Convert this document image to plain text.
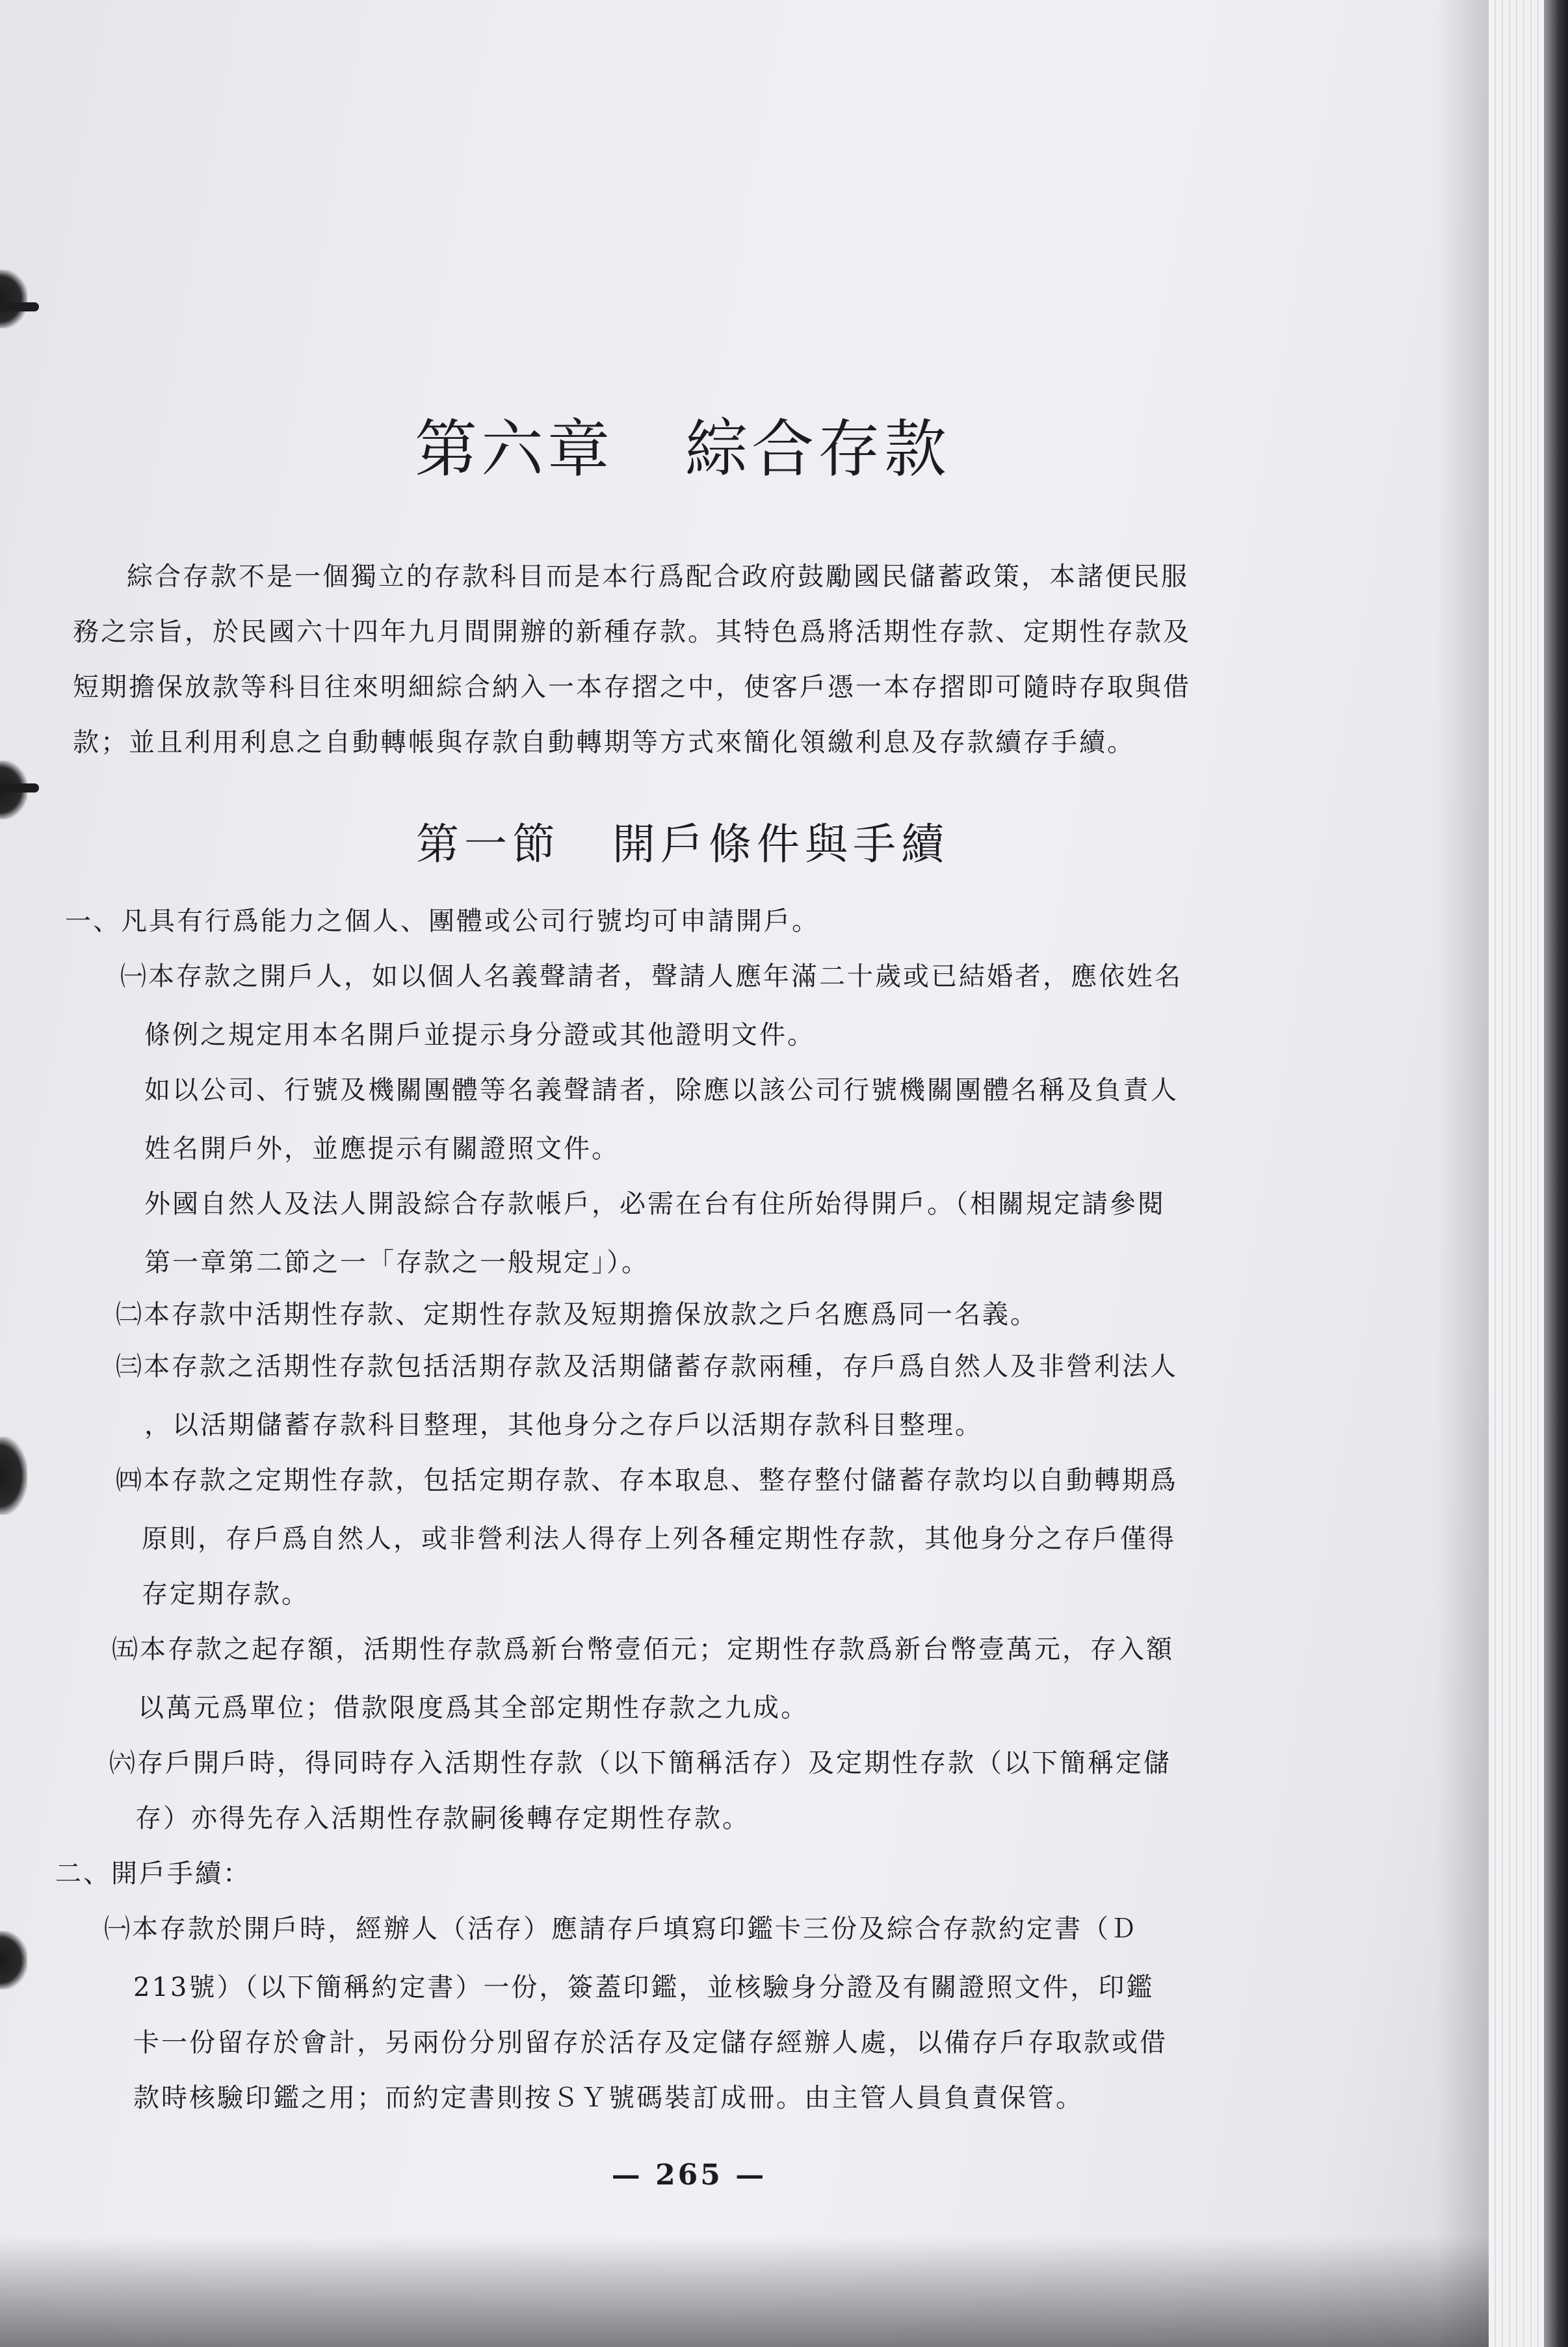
第六章 綜合存款
綜合存款不是一個獨立的存款科目而是本行爲配合政府鼓勵國民儲蓄政策，本諸便民服
務之宗旨，於民國六十四年九月間開辦的新種存款。其特色爲將活期性存款、定期性存款及
短期擔保放款等科目往來明細綜合納入一本存摺之中，使客戶憑一本存摺即可隨時存取與借
款；並且利用利息之自動轉帳與存款自動轉期等方式來簡化領繳利息及存款續存手續。
第一節 開戶條件與手續
一、凡具有行爲能力之個人、團體或公司行號均可申請開戶。
㈠本存款之開戶人，如以個人名義聲請者，聲請人應年滿二十歲或已結婚者，應依姓名
條例之規定用本名開戶並提示身分證或其他證明文件。
如以公司、行號及機關團體等名義聲請者，除應以該公司行號機關團體名稱及負責人
姓名開戶外，並應提示有關證照文件。
外國自然人及法人開設綜合存款帳戶，必需在台有住所始得開戶。（相關規定請參閱
第一章第二節之一「存款之一般規定」）。
㈡本存款中活期性存款、定期性存款及短期擔保放款之戶名應爲同一名義。
㈢本存款之活期性存款包括活期存款及活期儲蓄存款兩種，存戶爲自然人及非營利法人
，以活期儲蓄存款科目整理，其他身分之存戶以活期存款科目整理。
㈣本存款之定期性存款，包括定期存款、存本取息、整存整付儲蓄存款均以自動轉期爲
原則，存戶爲自然人，或非營利法人得存上列各種定期性存款，其他身分之存戶僅得
存定期存款。
㈤本存款之起存額，活期性存款爲新台幣壹佰元；定期性存款爲新台幣壹萬元，存入額
以萬元爲單位；借款限度爲其全部定期性存款之九成。
㈥存戶開戶時，得同時存入活期性存款（以下簡稱活存）及定期性存款（以下簡稱定儲
存）亦得先存入活期性存款嗣後轉存定期性存款。
二、開戶手續：
㈠本存款於開戶時，經辦人（活存）應請存戶填寫印鑑卡三份及綜合存款約定書（Ｄ
213號）（以下簡稱約定書）一份，簽蓋印鑑，並核驗身分證及有關證照文件，印鑑
卡一份留存於會計，另兩份分別留存於活存及定儲存經辦人處，以備存戶存取款或借
款時核驗印鑑之用；而約定書則按ＳＹ號碼裝訂成冊。由主管人員負責保管。
— 265 —
